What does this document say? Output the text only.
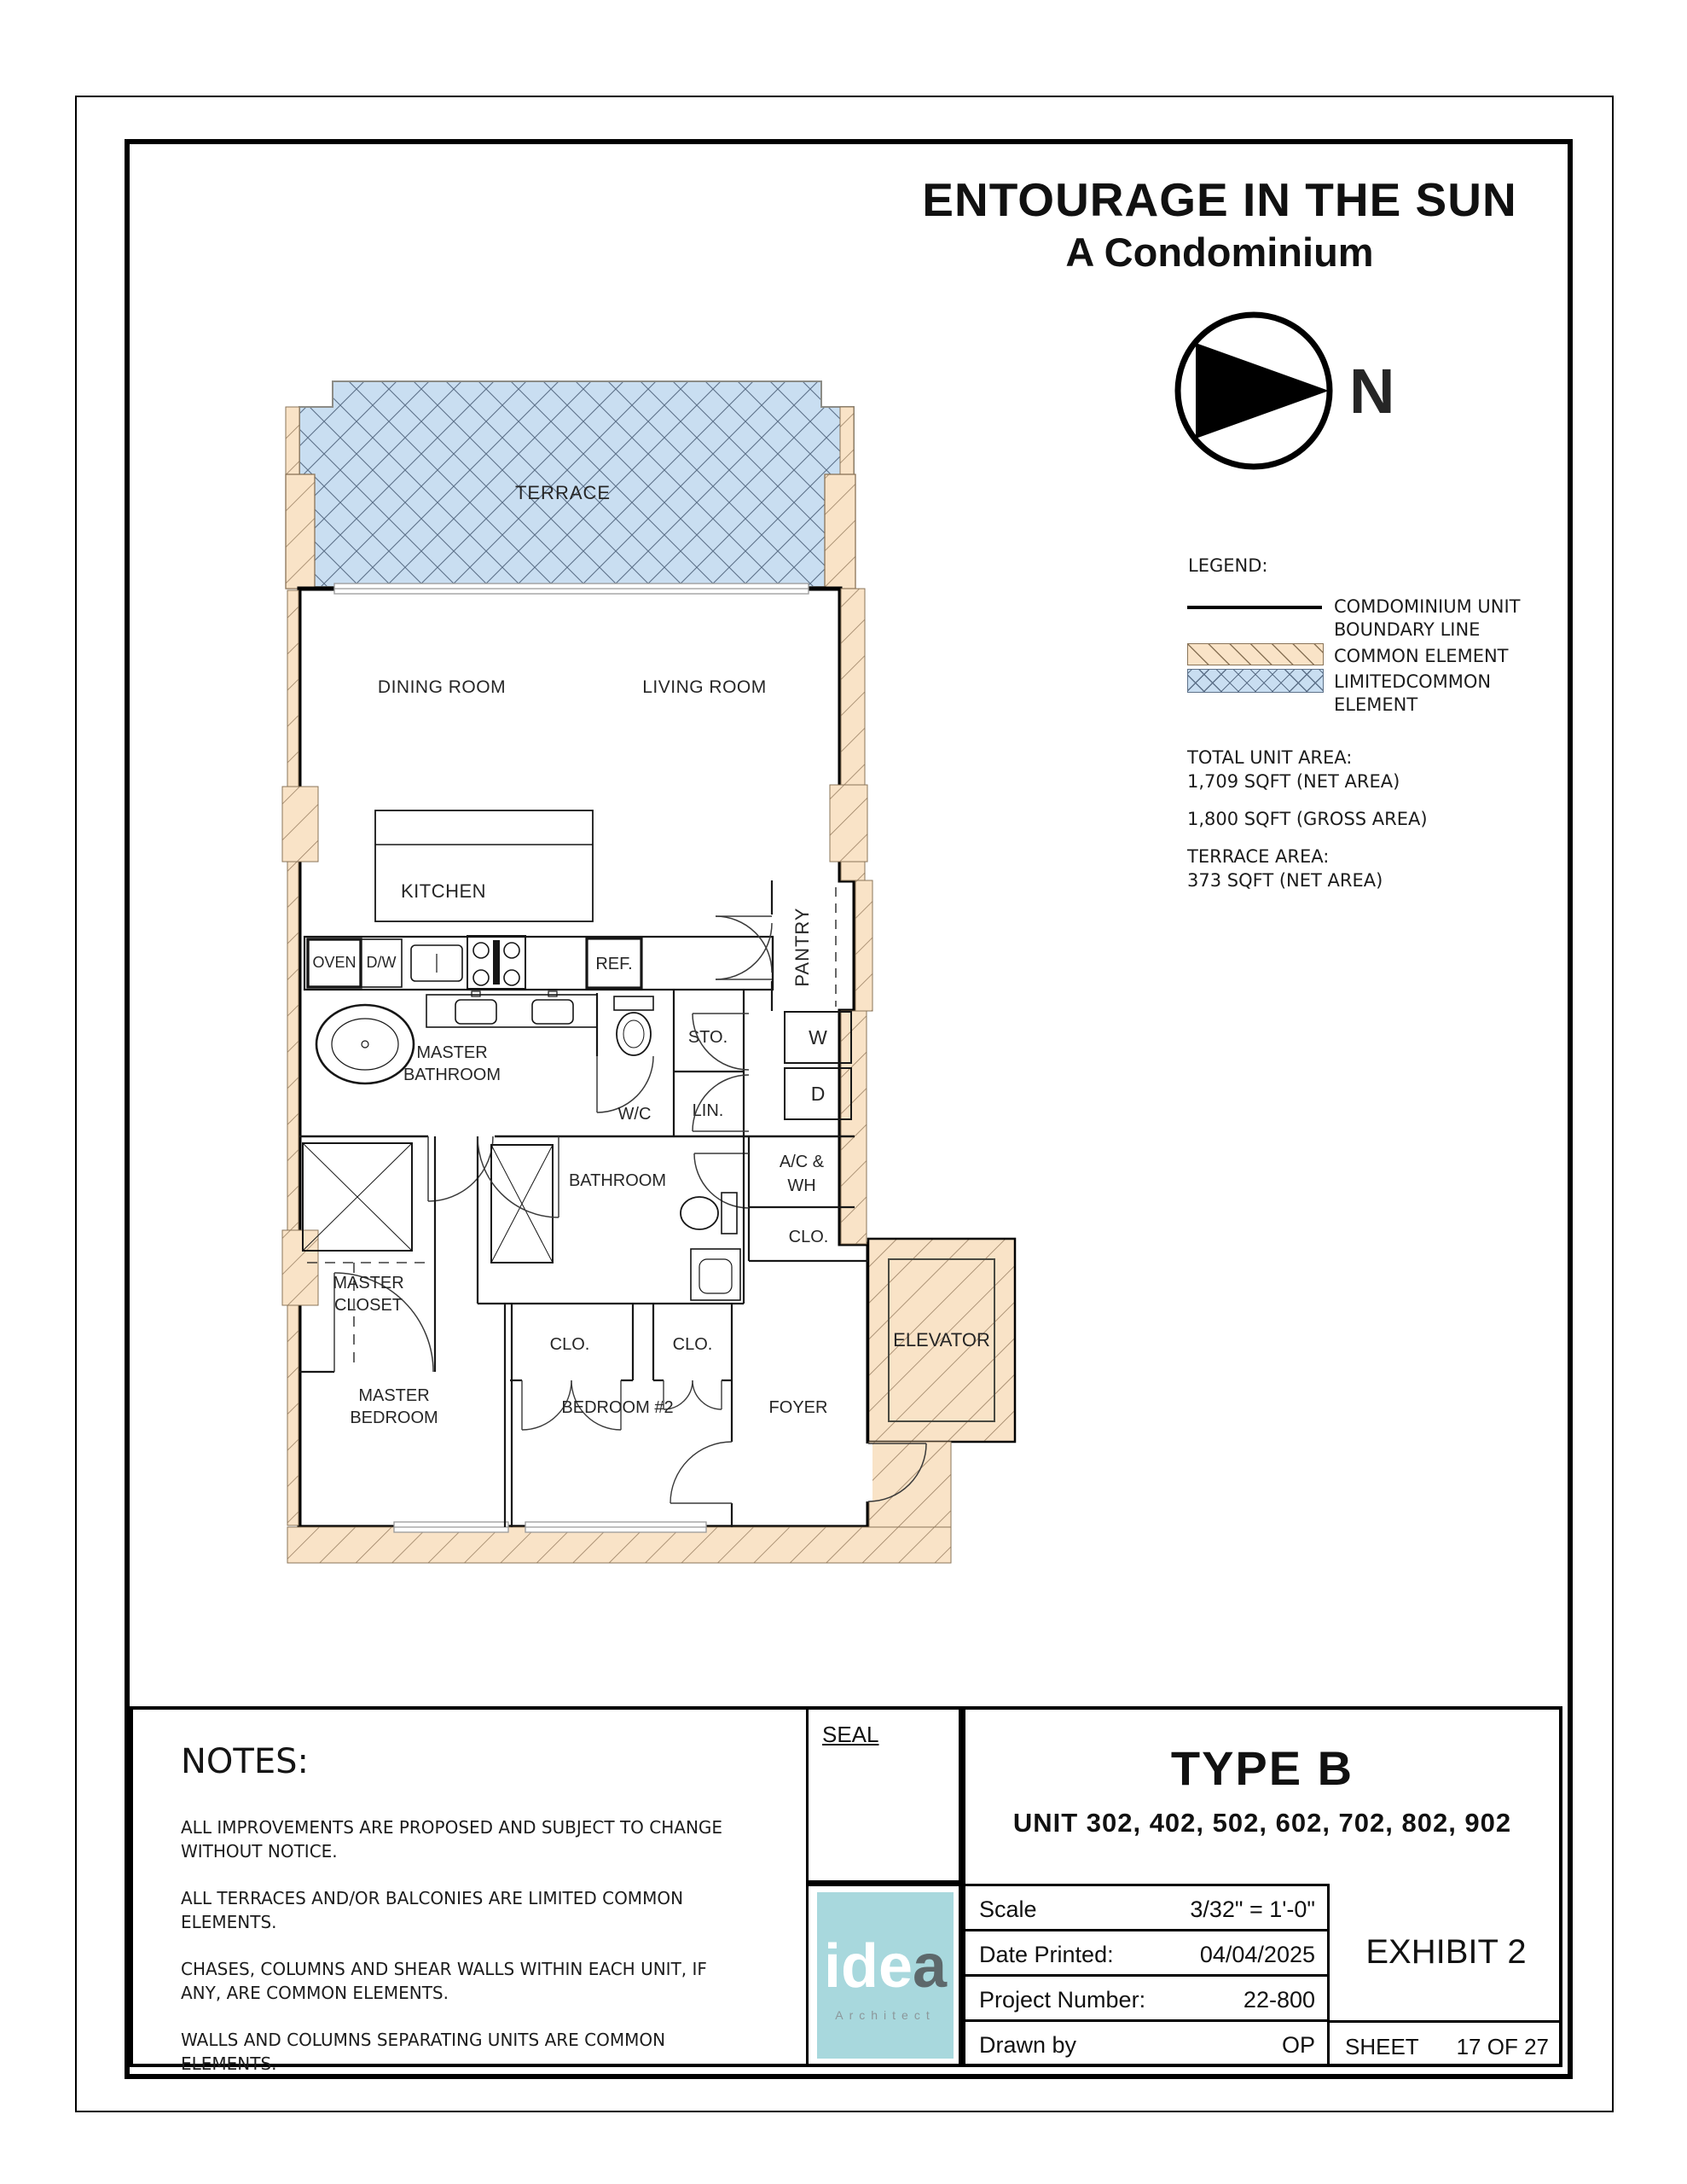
ENTOURAGE IN THE SUN
A Condominium
N
LEGEND:
COMDOMINIUM UNIT
BOUNDARY LINE
COMMON ELEMENT
LIMITEDCOMMON
ELEMENT
TOTAL UNIT AREA:
1,709 SQFT (NET AREA)
1,800 SQFT (GROSS AREA)
TERRACE AREA:
373 SQFT (NET AREA)
TERRACE
ELEVATOR
OVEN D/W	REF.	PANTRY
MASTER
BATHROOM
W/C
STO.
LIN.
W
D
A/C &
WH
CLO.
MASTER
CLOSET
BATHROOM
CLO.	CLO.
DINING ROOM	LIVING ROOM
KITCHEN
MASTER
BEDROOM
BEDROOM #2	FOYER
NOTES:

ALL IMPROVEMENTS ARE PROPOSED AND SUBJECT TO CHANGE WITHOUT NOTICE.

ALL TERRACES AND/OR BALCONIES ARE LIMITED COMMON ELEMENTS.

CHASES, COLUMNS AND SHEAR WALLS WITHIN EACH UNIT, IF ANY, ARE COMMON ELEMENTS.

WALLS AND COLUMNS SEPARATING UNITS ARE COMMON ELEMENTS.

SEAL
idea
Architect
TYPE B
UNIT 302, 402, 502, 602, 702, 802, 902
Scale	3/32" = 1'-0"
Date Printed:	04/04/2025
Project Number:	22-800
Drawn by	OP
EXHIBIT 2
SHEET 17 OF 27
